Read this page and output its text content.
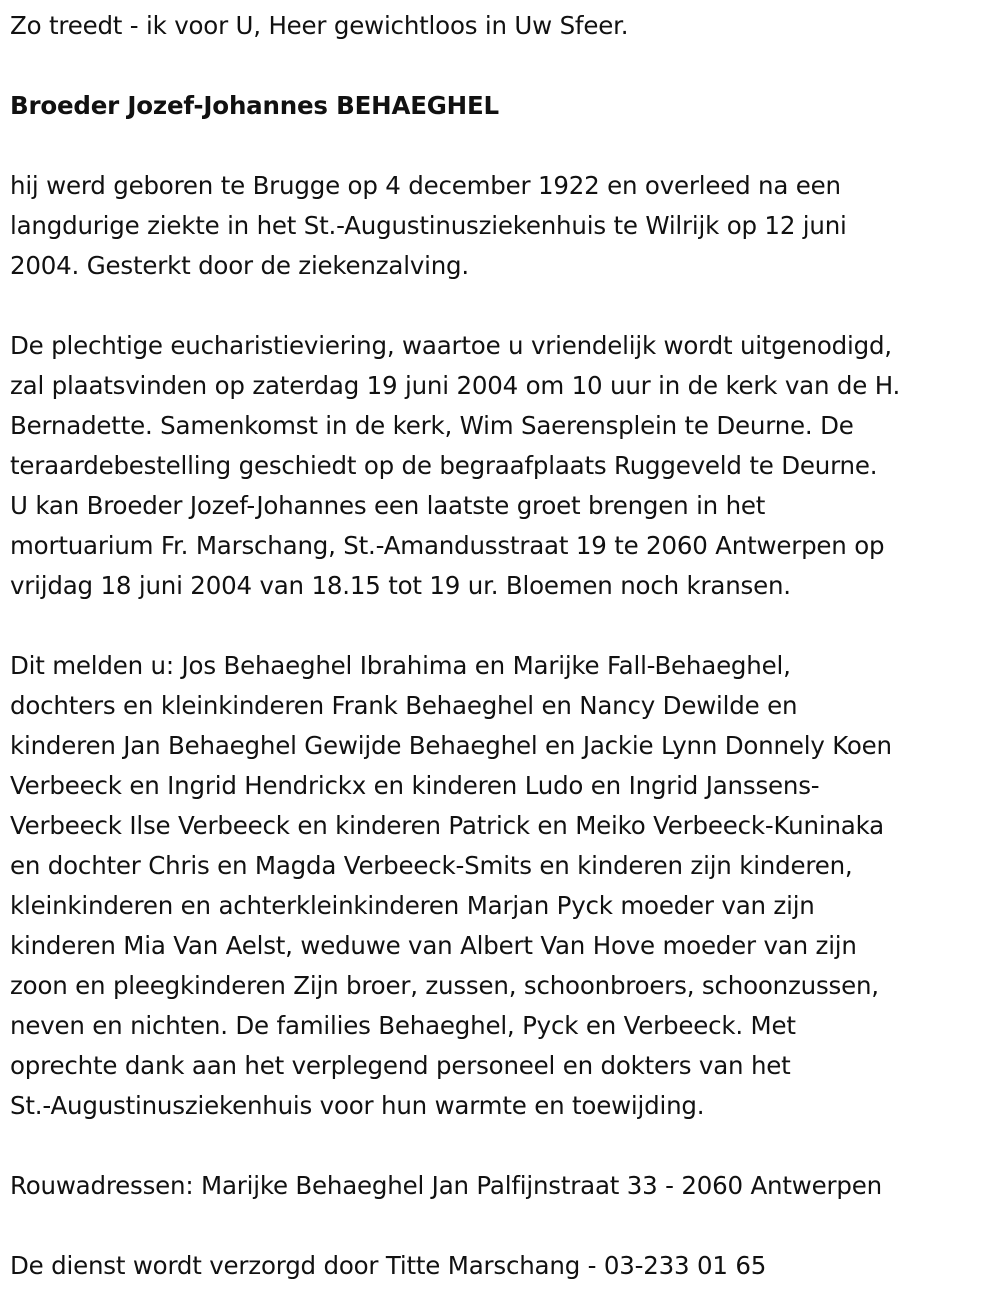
Zo treedt - ik voor U, Heer gewichtloos in Uw Sfeer.

Broeder Jozef-Johannes BEHAEGHEL

hij werd geboren te Brugge op 4 december 1922 en overleed na een

langdurige ziekte in het St.-Augustinusziekenhuis te Wilrijk op 12 juni

2004. Gesterkt door de ziekenzalving.

De plechtige eucharistieviering, waartoe u vriendelijk wordt uitgenodigd,

zal plaatsvinden op zaterdag 19 juni 2004 om 10 uur in de kerk van de H.

Bernadette. Samenkomst in de kerk, Wim Saerensplein te Deurne. De

teraardebestelling geschiedt op de begraafplaats Ruggeveld te Deurne.

U kan Broeder Jozef-Johannes een laatste groet brengen in het

mortuarium Fr. Marschang, St.-Amandusstraat 19 te 2060 Antwerpen op

vrijdag 18 juni 2004 van 18.15 tot 19 ur. Bloemen noch kransen.

Dit melden u: Jos Behaeghel Ibrahima en Marijke Fall-Behaeghel,

dochters en kleinkinderen Frank Behaeghel en Nancy Dewilde en

kinderen Jan Behaeghel Gewijde Behaeghel en Jackie Lynn Donnely Koen

Verbeeck en Ingrid Hendrickx en kinderen Ludo en Ingrid Janssens-

Verbeeck Ilse Verbeeck en kinderen Patrick en Meiko Verbeeck-Kuninaka

en dochter Chris en Magda Verbeeck-Smits en kinderen zijn kinderen,

kleinkinderen en achterkleinkinderen Marjan Pyck moeder van zijn

kinderen Mia Van Aelst, weduwe van Albert Van Hove moeder van zijn

zoon en pleegkinderen Zijn broer, zussen, schoonbroers, schoonzussen,

neven en nichten. De families Behaeghel, Pyck en Verbeeck. Met

oprechte dank aan het verplegend personeel en dokters van het

St.-Augustinusziekenhuis voor hun warmte en toewijding.

Rouwadressen: Marijke Behaeghel Jan Palfijnstraat 33 - 2060 Antwerpen

De dienst wordt verzorgd door Titte Marschang - 03-233 01 65
